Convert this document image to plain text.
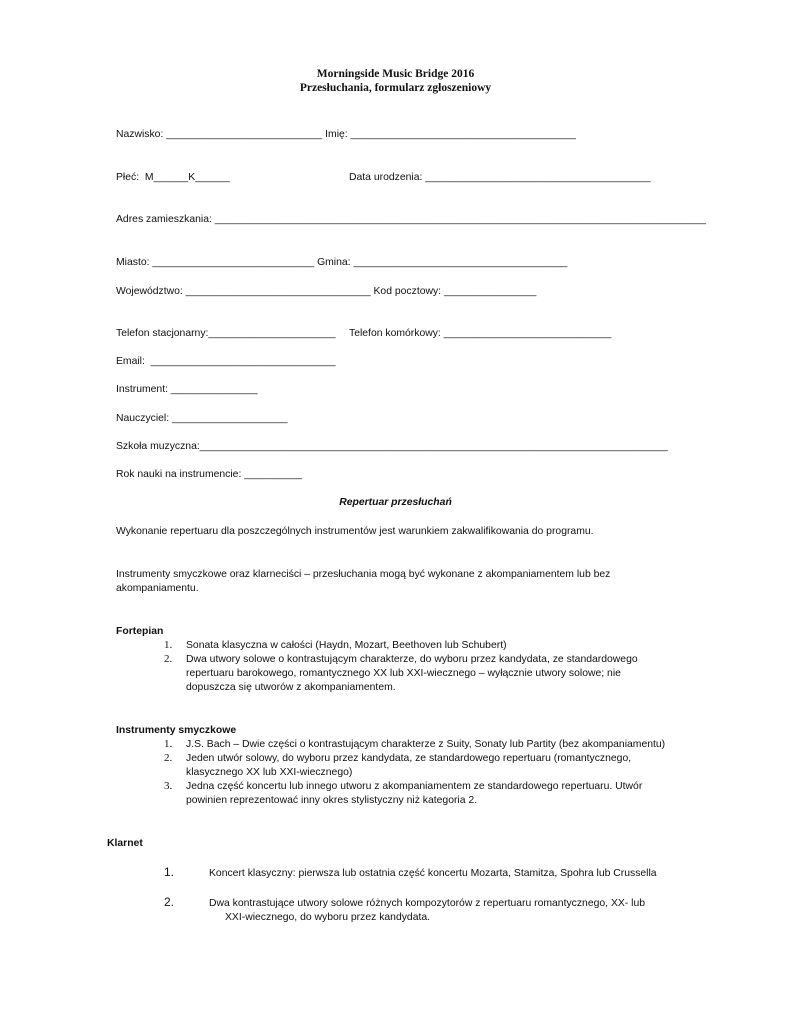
Morningside Music Bridge 2016
Przesłuchania, formularz zgłoszeniowy
Nazwisko: ___________________________ Imię: _______________________________________
Płeć:  M______K______	Data urodzenia: _______________________________________
Adres zamieszkania: _____________________________________________________________________________________
Miasto: ____________________________ Gmina: _____________________________________
Województwo: ________________________________ Kod pocztowy: ________________
Telefon stacjonarny:______________________ Telefon komórkowy: _____________________________
Email:  ________________________________
Instrument: _______________
Nauczyciel: ____________________
Szkoła muzyczna:_________________________________________________________________________________
Rok nauki na instrumencie: __________
Repertuar przesłuchań
Wykonanie repertuaru dla poszczególnych instrumentów jest warunkiem zakwalifikowania do programu.
Instrumenty smyczkowe oraz klarneciści – przesłuchania mogą być wykonane z akompaniamentem lub bez
akompaniamentu.
Fortepian
1. Sonata klasyczna w całości (Haydn, Mozart, Beethoven lub Schubert)
2. Dwa utwory solowe o kontrastującym charakterze, do wyboru przez kandydata, ze standardowego
repertuaru barokowego, romantycznego XX lub XXI-wiecznego – wyłącznie utwory solowe; nie
dopuszcza się utworów z akompaniamentem.
Instrumenty smyczkowe
1. J.S. Bach – Dwie części o kontrastującym charakterze z Suity, Sonaty lub Partity (bez akompaniamentu)
2. Jeden utwór solowy, do wyboru przez kandydata, ze standardowego repertuaru (romantycznego,
klasycznego XX lub XXI-wiecznego)
3. Jedna część koncertu lub innego utworu z akompaniamentem ze standardowego repertuaru. Utwór
powinien reprezentować inny okres stylistyczny niż kategoria 2.
Klarnet
1.	Koncert klasyczny: pierwsza lub ostatnia część koncertu Mozarta, Stamitza, Spohra lub Crussella
2.	Dwa kontrastujące utwory solowe różnych kompozytorów z repertuaru romantycznego, XX- lub
XXI-wiecznego, do wyboru przez kandydata.
